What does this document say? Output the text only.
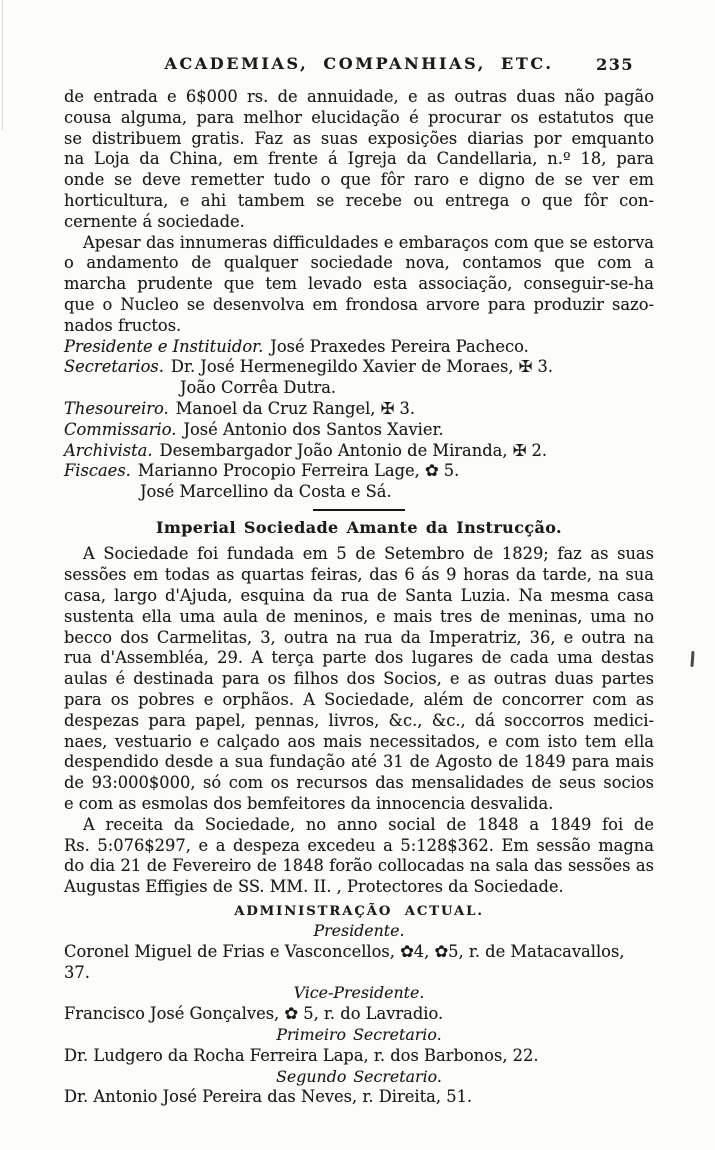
ACADEMIAS, COMPANHIAS, ETC.	235
de entrada e 6$000 rs. de annuidade, e as outras duas não pagão
cousa alguma, para melhor elucidação é procurar os estatutos que
se distribuem gratis. Faz as suas exposições diarias por emquanto
na Loja da China, em frente á Igreja da Candellaria, n.º 18, para
onde se deve remetter tudo o que fôr raro e digno de se ver em
horticultura, e ahi tambem se recebe ou entrega o que fôr con-
cernente á sociedade.
Apesar das innumeras difficuldades e embaraços com que se estorva
o andamento de qualquer sociedade nova, contamos que com a
marcha prudente que tem levado esta associação, conseguir-se-ha
que o Nucleo se desenvolva em frondosa arvore para produzir sazo-
nados fructos.
Presidente e Instituidor. José Praxedes Pereira Pacheco.
Secretarios. Dr. José Hermenegildo Xavier de Moraes, ✠ 3.
João Corrêa Dutra.
Thesoureiro. Manoel da Cruz Rangel, ✠ 3.
Commissario. José Antonio dos Santos Xavier.
Archivista. Desembargador João Antonio de Miranda, ✠ 2.
Fiscaes. Marianno Procopio Ferreira Lage, ✿ 5.
José Marcellino da Costa e Sá.
Imperial Sociedade Amante da Instrucção.
A Sociedade foi fundada em 5 de Setembro de 1829; faz as suas
sessões em todas as quartas feiras, das 6 ás 9 horas da tarde, na sua
casa, largo d'Ajuda, esquina da rua de Santa Luzia. Na mesma casa
sustenta ella uma aula de meninos, e mais tres de meninas, uma no
becco dos Carmelitas, 3, outra na rua da Imperatriz, 36, e outra na
rua d'Assembléa, 29. A terça parte dos lugares de cada uma destas
aulas é destinada para os filhos dos Socios, e as outras duas partes
para os pobres e orphãos. A Sociedade, além de concorrer com as
despezas para papel, pennas, livros, &c., &c., dá soccorros medici-
naes, vestuario e calçado aos mais necessitados, e com isto tem ella
despendido desde a sua fundação até 31 de Agosto de 1849 para mais
de 93:000$000, só com os recursos das mensalidades de seus socios
e com as esmolas dos bemfeitores da innocencia desvalida.
A receita da Sociedade, no anno social de 1848 a 1849 foi de
Rs. 5:076$297, e a despeza excedeu a 5:128$362. Em sessão magna
do dia 21 de Fevereiro de 1848 forão collocadas na sala das sessões as
Augustas Effigies de SS. MM. II. , Protectores da Sociedade.
ADMINISTRAÇÃO ACTUAL.
Presidente.
Coronel Miguel de Frias e Vasconcellos, ✿4, ✿5, r. de Matacavallos, 37.
Vice-Presidente.
Francisco José Gonçalves, ✿ 5, r. do Lavradio.
Primeiro Secretario.
Dr. Ludgero da Rocha Ferreira Lapa, r. dos Barbonos, 22.
Segundo Secretario.
Dr. Antonio José Pereira das Neves, r. Direita, 51.
